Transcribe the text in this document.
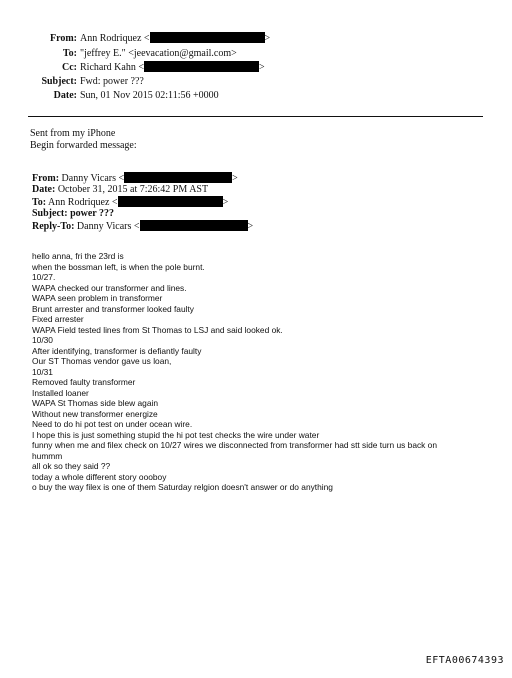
From: Ann Rodriquez <	>
To: "jeffrey E." <jeevacation@gmail.com>
Cc: Richard Kahn <	>
Subject: Fwd: power ???
Date: Sun, 01 Nov 2015 02:11:56 +0000
Sent from my iPhone
Begin forwarded message:
From: Danny Vicars <	>
Date: October 31, 2015 at 7:26:42 PM AST
To: Ann Rodriquez <	>
Subject: power ???
Reply-To: Danny Vicars <	>
hello anna, fri the 23rd is
when the bossman left, is when the pole burnt.
10/27.
WAPA checked our transformer and lines.
WAPA seen problem in transformer
Brunt arrester and transformer looked faulty
Fixed arrester
WAPA Field tested lines from St Thomas to LSJ and said looked ok.
10/30
After identifying, transformer is defiantly faulty
Our ST Thomas vendor gave us loan,
10/31
Removed faulty transformer
Installed loaner
WAPA St Thomas side blew again
Without new transformer energize
Need to do hi pot test on under ocean wire.
I hope this is just something stupid the hi pot test checks the wire under water
funny when me and filex check on 10/27 wires we disconnected from transformer had stt side turn us back on
hummm
all ok so they said ??
today a whole different story oooboy
o buy the way filex is one of them Saturday relgion doesn't answer or do anything
EFTA00674393
